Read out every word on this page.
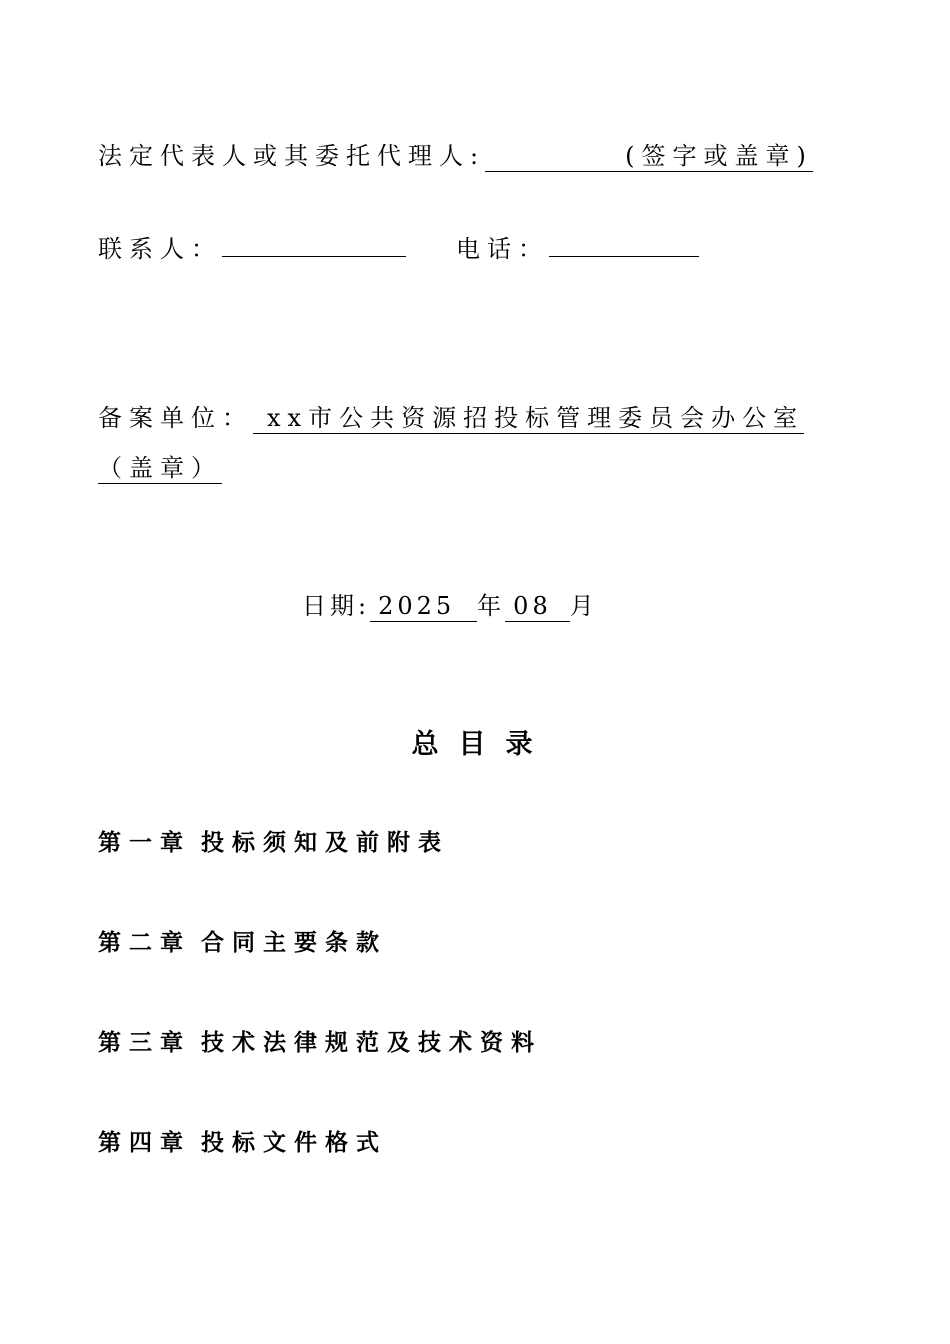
法定代表人或其委托代理人:	(签字或盖章)
联系人：	电话：
备案单位： xx市公共资源招投标管理委员会办公室
（盖章）
日期: 2025 年 08 月
总目录
第一章 投标须知及前附表
第二章 合同主要条款
第三章 技术法律规范及技术资料
第四章 投标文件格式
